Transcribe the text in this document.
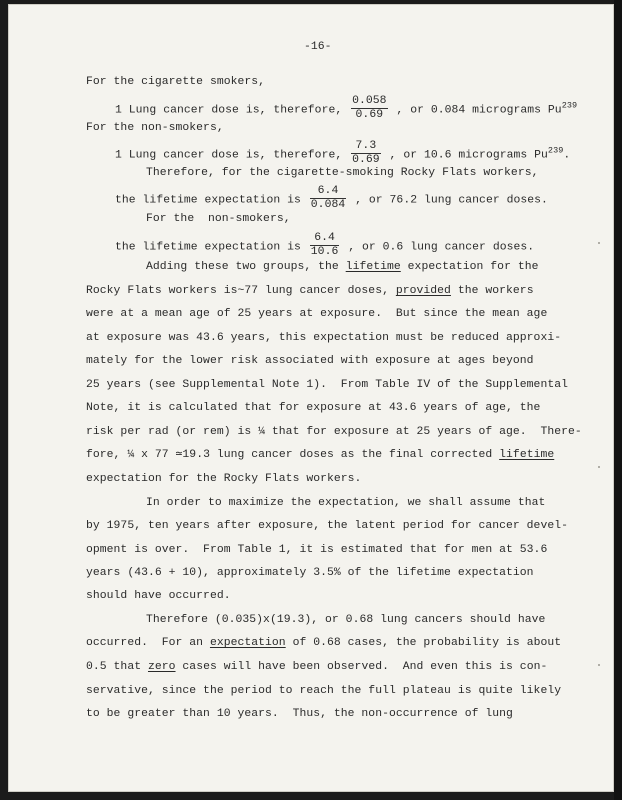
-16-
For the cigarette smokers,
1 Lung cancer dose is, therefore, $\frac{0.058}{0.69}$ , or 0.084 micrograms Pu$^{239}$
For the non-smokers,
1 Lung cancer dose is, therefore, $\frac{7.3}{0.69}$ , or 10.6 micrograms Pu$^{239}$.
Therefore, for the cigarette-smoking Rocky Flats workers,
the lifetime expectation is $\frac{6.4}{0.084}$ , or 76.2 lung cancer doses.
For the  non-smokers,
the lifetime expectation is $\frac{6.4}{10.6}$ , or 0.6 lung cancer doses.
Adding these two groups, the lifetime expectation for the
Rocky Flats workers is~77 lung cancer doses, provided the workers
were at a mean age of 25 years at exposure.  But since the mean age
at exposure was 43.6 years, this expectation must be reduced approxi-
mately for the lower risk associated with exposure at ages beyond
25 years (see Supplemental Note 1).  From Table IV of the Supplemental
Note, it is calculated that for exposure at 43.6 years of age, the
risk per rad (or rem) is ¼ that for exposure at 25 years of age.  There-
fore, ¼ x 77 ≃19.3 lung cancer doses as the final corrected lifetime
expectation for the Rocky Flats workers.
In order to maximize the expectation, we shall assume that
by 1975, ten years after exposure, the latent period for cancer devel-
opment is over.  From Table 1, it is estimated that for men at 53.6
years (43.6 + 10), approximately 3.5% of the lifetime expectation
should have occurred.
Therefore (0.035)x(19.3), or 0.68 lung cancers should have
occurred.  For an expectation of 0.68 cases, the probability is about
0.5 that zero cases will have been observed.  And even this is con-
servative, since the period to reach the full plateau is quite likely
to be greater than 10 years.  Thus, the non-occurrence of lung
